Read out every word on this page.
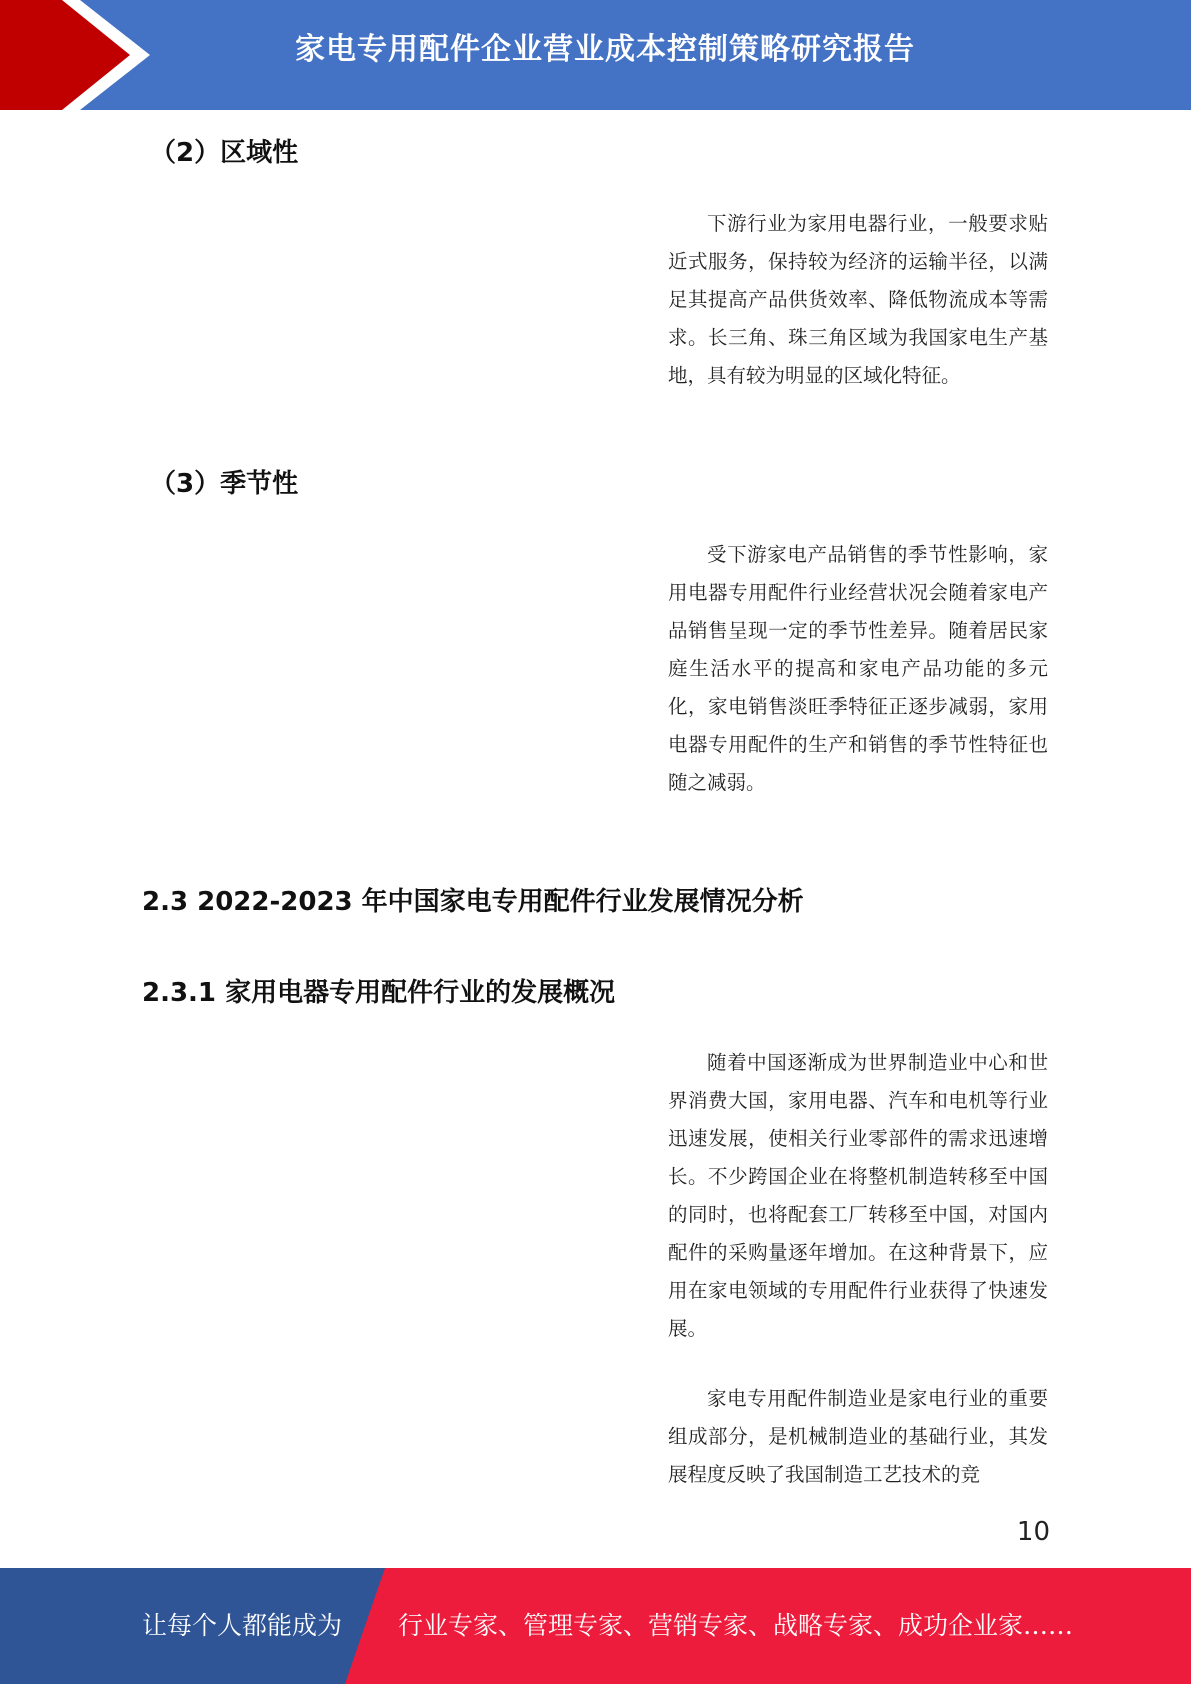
家电专用配件企业营业成本控制策略研究报告
（2）区域性

下游行业为家用电器行业，一般要求贴近式服务，保持较为经济的运输半径，以满足其提高产品供货效率、降低物流成本等需求。长三角、珠三角区域为我国家电生产基地，具有较为明显的区域化特征。

（3）季节性

受下游家电产品销售的季节性影响，家用电器专用配件行业经营状况会随着家电产品销售呈现一定的季节性差异。随着居民家庭生活水平的提高和家电产品功能的多元化，家电销售淡旺季特征正逐步减弱，家用电器专用配件的生产和销售的季节性特征也随之减弱。

2.3 2022-2023 年中国家电专用配件行业发展情况分析
2.3.1 家用电器专用配件行业的发展概况

随着中国逐渐成为世界制造业中心和世界消费大国，家用电器、汽车和电机等行业迅速发展，使相关行业零部件的需求迅速增长。不少跨国企业在将整机制造转移至中国的同时，也将配套工厂转移至中国，对国内配件的采购量逐年增加。在这种背景下，应用在家电领域的专用配件行业获得了快速发展。

家电专用配件制造业是家电行业的重要组成部分，是机械制造业的基础行业，其发展程度反映了我国制造工艺技术的竞

10
让每个人都能成为 行业专家、管理专家、营销专家、战略专家、成功企业家……
